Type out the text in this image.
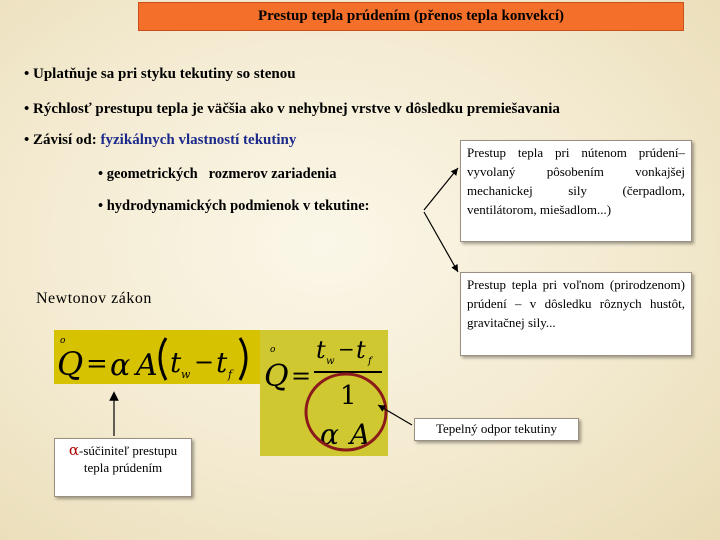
Prestup tepla prúdením (přenos tepla konvekcí)
• Uplatňuje sa pri styku tekutiny so stenou
• Rýchlosť prestupu tepla je väčšia ako v nehybnej vrstve v dôsledku premiešavania
• Závisí od: fyzikálnych vlastností tekutiny
• geometrických   rozmerov zariadenia
• hydrodynamických podmienok v tekutine:
Prestup tepla pri nútenom prúdení–vyvolaný pôsobením vonkajšej mechanickej sily (čerpadlom, ventilátorom, miešadlom...)
Prestup tepla pri voľnom (prirodzenom) prúdení – v dôsledku rôznych hustôt, gravitačnej sily...
Newtonov zákon
o
Q = α A t w − t f
α-súčiniteľ prestupu tepla prúdením
o
Q =
t w
− t f
1
α A	Tepelný odpor tekutiny
